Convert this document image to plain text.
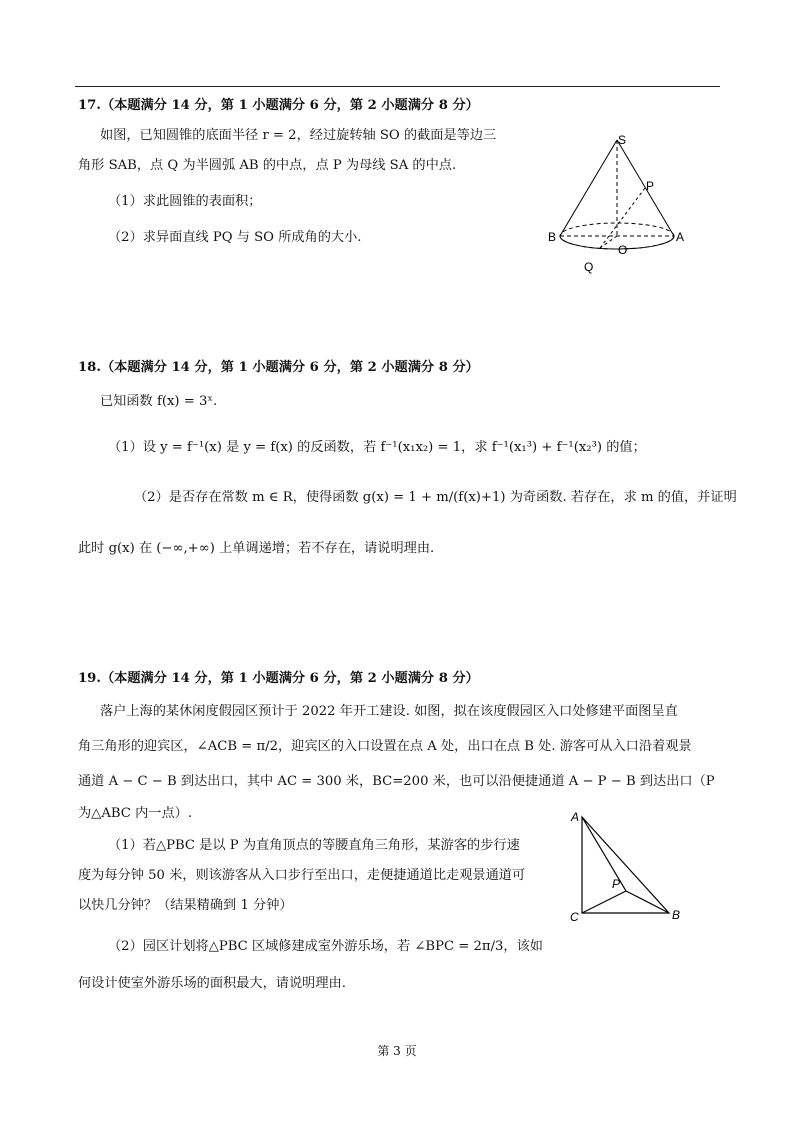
17.（本题满分 14 分，第 1 小题满分 6 分，第 2 小题满分 8 分）
如图，已知圆锥的底面半径 r = 2，经过旋转轴 SO 的截面是等边三
角形 SAB，点 Q 为半圆弧 AB 的中点，点 P 为母线 SA 的中点.
（1）求此圆锥的表面积；
（2）求异面直线 PQ 与 SO 所成角的大小.
S
P
B	A
O
Q
18.（本题满分 14 分，第 1 小题满分 6 分，第 2 小题满分 8 分）
已知函数 f(x) = 3ˣ.
（1）设 y = f⁻¹(x) 是 y = f(x) 的反函数，若 f⁻¹(x₁x₂) = 1，求 f⁻¹(x₁³) + f⁻¹(x₂³) 的值；
（2）是否存在常数 m ∈ R，使得函数 g(x) = 1 + m/(f(x)+1) 为奇函数. 若存在，求 m 的值，并证明
此时 g(x) 在 (−∞,+∞) 上单调递增；若不存在，请说明理由.
19.（本题满分 14 分，第 1 小题满分 6 分，第 2 小题满分 8 分）
落户上海的某休闲度假园区预计于 2022 年开工建设. 如图，拟在该度假园区入口处修建平面图呈直
角三角形的迎宾区，∠ACB = π/2，迎宾区的入口设置在点 A 处，出口在点 B 处. 游客可从入口沿着观景
通道 A − C − B 到达出口，其中 AC = 300 米，BC=200 米，也可以沿便捷通道 A − P − B 到达出口（P
为△ABC 内一点）.
（1）若△PBC 是以 P 为直角顶点的等腰直角三角形，某游客的步行速
度为每分钟 50 米，则该游客从入口步行至出口，走便捷通道比走观景通道可
以快几分钟？（结果精确到 1 分钟）
（2）园区计划将△PBC 区域修建成室外游乐场，若 ∠BPC = 2π/3，该如
何设计使室外游乐场的面积最大，请说明理由.
A
P
C	B
第 3 页
